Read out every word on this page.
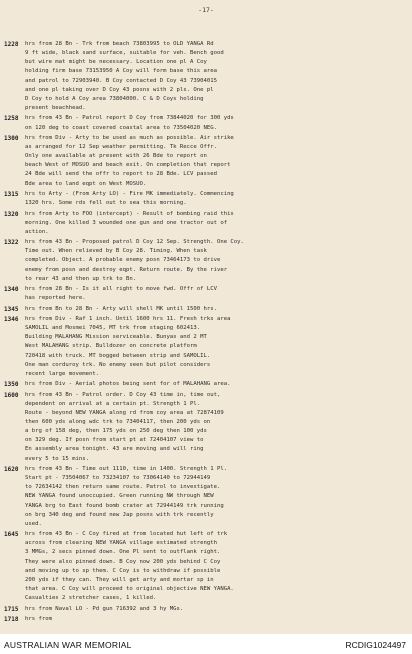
-17-
1228	hrs from 28 Bn - Trk from beach 73803995 to OLD YANGA Rd
9 ft wide, black sand surface, suitable for veh. Bench good
but wire mat might be necessary. Location one pl A Coy
holding firm base 73153950 A Coy will form base this area
and patrol to 72903940. B Coy contacted D Coy 43 73904015
and one pl taking over D Coy 43 posns with 2 pls. One pl
D Coy to hold A Coy area 73804000. C & D Coys holding
present beachhead.
1258	hrs from 43 Bn - Patrol report D Coy from 73844020 for 300 yds
on 120 deg to coast covered coastal area to 73504020 NEG.
1300	hrs from Div - Arty to be used as much as possible. Air strike
as arranged for 12 Sep weather permitting. Tk Recce Offr.
Only one available at present with 26 Bde to report on
beach West of MOSUO and beach exit. On completion that report
24 Bde will send the offr to report to 28 Bde. LCV passed
Bde area to land eqpt on West MOSUO.
1315	hrs to Arty - (From Arty LO) - Fire MK immediately. Commencing
1320 hrs. Some rds fell out to sea this morning.
1320	hrs from Arty to FOO (intercept) - Result of bombing raid this
morning. One killed 3 wounded one gun and one tractor out of
action.
1322	hrs from 43 Bn - Proposed patrol D Coy 12 Sep. Strength. One Coy.
Time out. When relieved by B Coy 28. Timing. When task
completed. Object. A probable enemy posn 73464173 to drive
enemy from posn and destroy eqpt. Return route. By the river
to rear 43 and then up trk to Bn.
1340	hrs from 28 Bn - Is it all right to move fwd. Offr of LCV
has reported here.
1345	hrs from Bn to 28 Bn - Arty will shell MK until 1500 hrs.
1346	hrs from Div - Raf 1 inch. Until 1600 hrs 11. Fresh trks area
SAMOLIL and Mosmei 7045, MT trk from staging 602413.
Building MALAHANG Mission serviceable. Bunyas and 2 MT
West MALAHANG strip. Bulldozer on concrete platform
720418 with truck. MT bogged between strip and SAMOLIL.
One man corduroy trk. No enemy seen but pilot considers
recent large movement.
1350	hrs from Div - Aerial photos being sent for of MALAHANG area.
1600	hrs from 43 Bn - Patrol order. D Coy 43 time in, time out,
dependent on arrival at a certain pt. Strength 1 Pl.
Route - beyond NEW YANGA along rd from coy area at 72874109
then 600 yds along wdc trk to 73404117, then 200 yds on
a brg of 158 deg, then 175 yds on 250 deg then 100 yds
on 329 deg. If posn from start pt at 72404107 view to
En assembly area tonight. 43 are moving and will ring
every 5 to 15 mins.
1620	hrs from 43 Bn - Time out 1110, time in 1400. Strength 1 Pl.
Start pt - 73504067 to 73234107 to 73064140 to 72944149
to 72634142 then return same route. Patrol to investigate.
NEW YANGA found unoccupied. Green running NW through NEW
YANGA brg to East found bomb crater at 72944149 trk running
on brg 340 deg and found new Jap posns with trk recently
used.
1645	hrs from 43 Bn - C Coy fired at from located hut left of trk
across from clearing NEW YANGA village estimated strength
3 MMGs, 2 secs pinned down. One Pl sent to outflank right.
They were also pinned down. B Coy now 200 yds behind C Coy
and moving up to sp them. C Coy is to withdraw if possible
200 yds if they can. They will get arty and mortar sp in
that area. C Coy will proceed to original objective NEW YANGA.
Casualties 2 stretcher cases, 1 killed.
1715	hrs from Naval LO - Pd gun 716392 and 3 hy MGs.
1718	hrs from
AUSTRALIAN WAR MEMORIAL	RCDIG1024497
